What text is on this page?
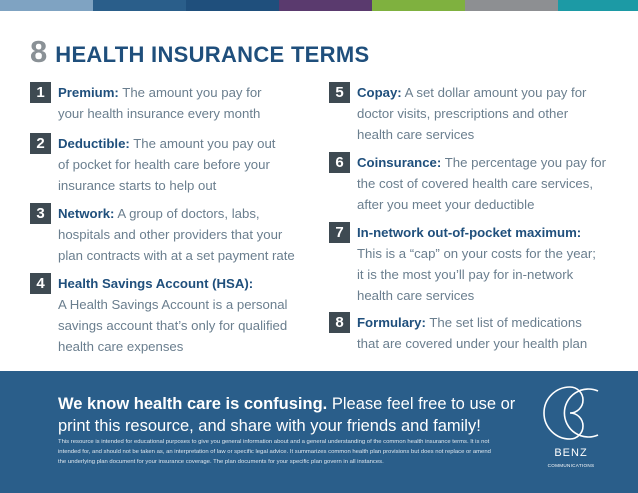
8 HEALTH INSURANCE TERMS
1	Premium: The amount you pay for
your health insurance every month
2	Deductible: The amount you pay out
of pocket for health care before your
insurance starts to help out
3	Network: A group of doctors, labs,
hospitals and other providers that your
plan contracts with at a set payment rate
4	Health Savings Account (HSA):
A Health Savings Account is a personal
savings account that’s only for qualified
health care expenses
5	Copay: A set dollar amount you pay for
doctor visits, prescriptions and other
health care services
6	Coinsurance: The percentage you pay for
the cost of covered health care services,
after you meet your deductible
7	In-network out-of-pocket maximum:
This is a “cap” on your costs for the year;
it is the most you’ll pay for in-network
health care services
8	Formulary: The set list of medications
that are covered under your health plan
We know health care is confusing. Please feel free to use or
print this resource, and share with your friends and family!
This resource is intended for educational purposes to give you general information about and a general understanding of the common health insurance terms. It is not intended for, and should not be taken as, an interpretation of law or specific legal advice. It summarizes common health plan provisions but does not replace or amend the underlying plan document for your insurance coverage. The plan documents for your specific plan govern in all instances.
BENZ
COMMUNICATIONS
